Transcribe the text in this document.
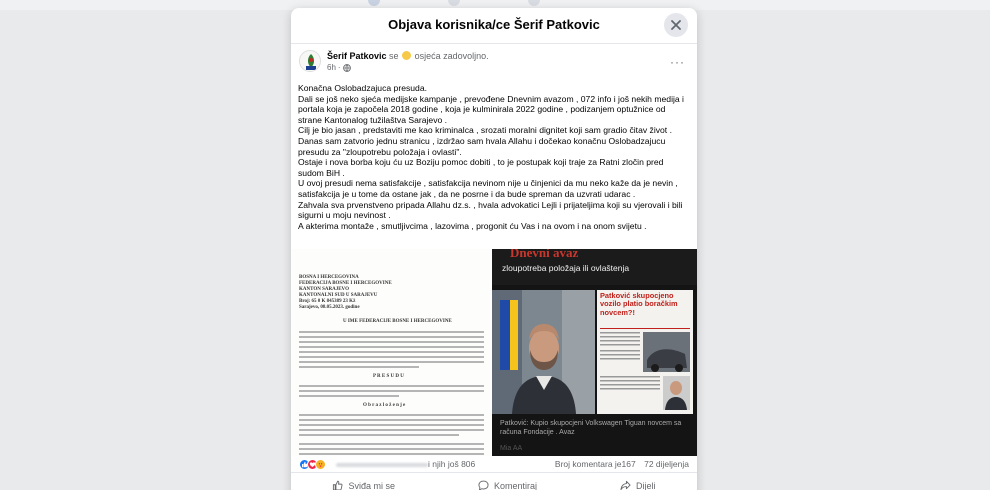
Objava korisnika/ce Šerif Patkovic
Šerif Patkovic se osjeća zadovoljno.
6h ·	···

Konačna Oslobadzajuca presuda.

Dali se još neko sjeća medijske kampanje , prevođene Dnevnim avazom , 072 info i još nekih medija i portala koja je započela 2018 godine , koja je kulminirala 2022 godine , podizanjem optužnice od strane Kantonalog tužilaštva Sarajevo .

Cilj je bio jasan , predstaviti me kao kriminalca , srozati moralni dignitet koji sam gradio čitav život .

Danas sam zatvorio jednu stranicu , izdržao sam hvala Allahu i dočekao konačnu Oslobadzajucu presudu za "zloupotrebu položaja i ovlasti".

Ostaje i nova borba koju ću uz Boziju pomoc dobiti , to je postupak koji traje za Ratni zločin pred sudom BiH .

U ovoj presudi nema satisfakcije , satisfakcija nevinom nije u činjenici da mu neko kaže da je nevin , satisfakcija je u tome da ostane jak , da ne posrne i da bude spreman da uzvrati udarac .

Zahvala sva prvenstveno pripada Allahu dz.s. , hvala advokatici Lejli i prijateljima koji su vjerovali i bili sigurni u moju nevinost .

A akterima montaže , smutljivcima , lazovima , progonit ću Vas i na ovom i na onom svijetu .

BOSNA I HERCEGOVINA
FEDERACIJA BOSNE I HERCEGOVINE
KANTON SARAJEVO
KANTONALNI SUD U SARAJEVU
Broj: 65 0 K 845389 23 Kž
Sarajevo, 08.05.2023. godine
U IME FEDERACIJE BOSNE I HERCEGOVINE
P R E S U D U
O b r a z l o ž e n j e
Dnevni avaz
zloupotreba položaja ili ovlaštenja
Patković skupocjeno vozilo platio boračkim novcem?!
Patković: Kupio skupocjeni Volkswagen Tiguan novcem sa računa Fondacije . Avaz
Mia AA
i njih još 806	Broj komentara je167 72 dijeljenja
Sviđa mi se	Komentiraj	Dijeli
